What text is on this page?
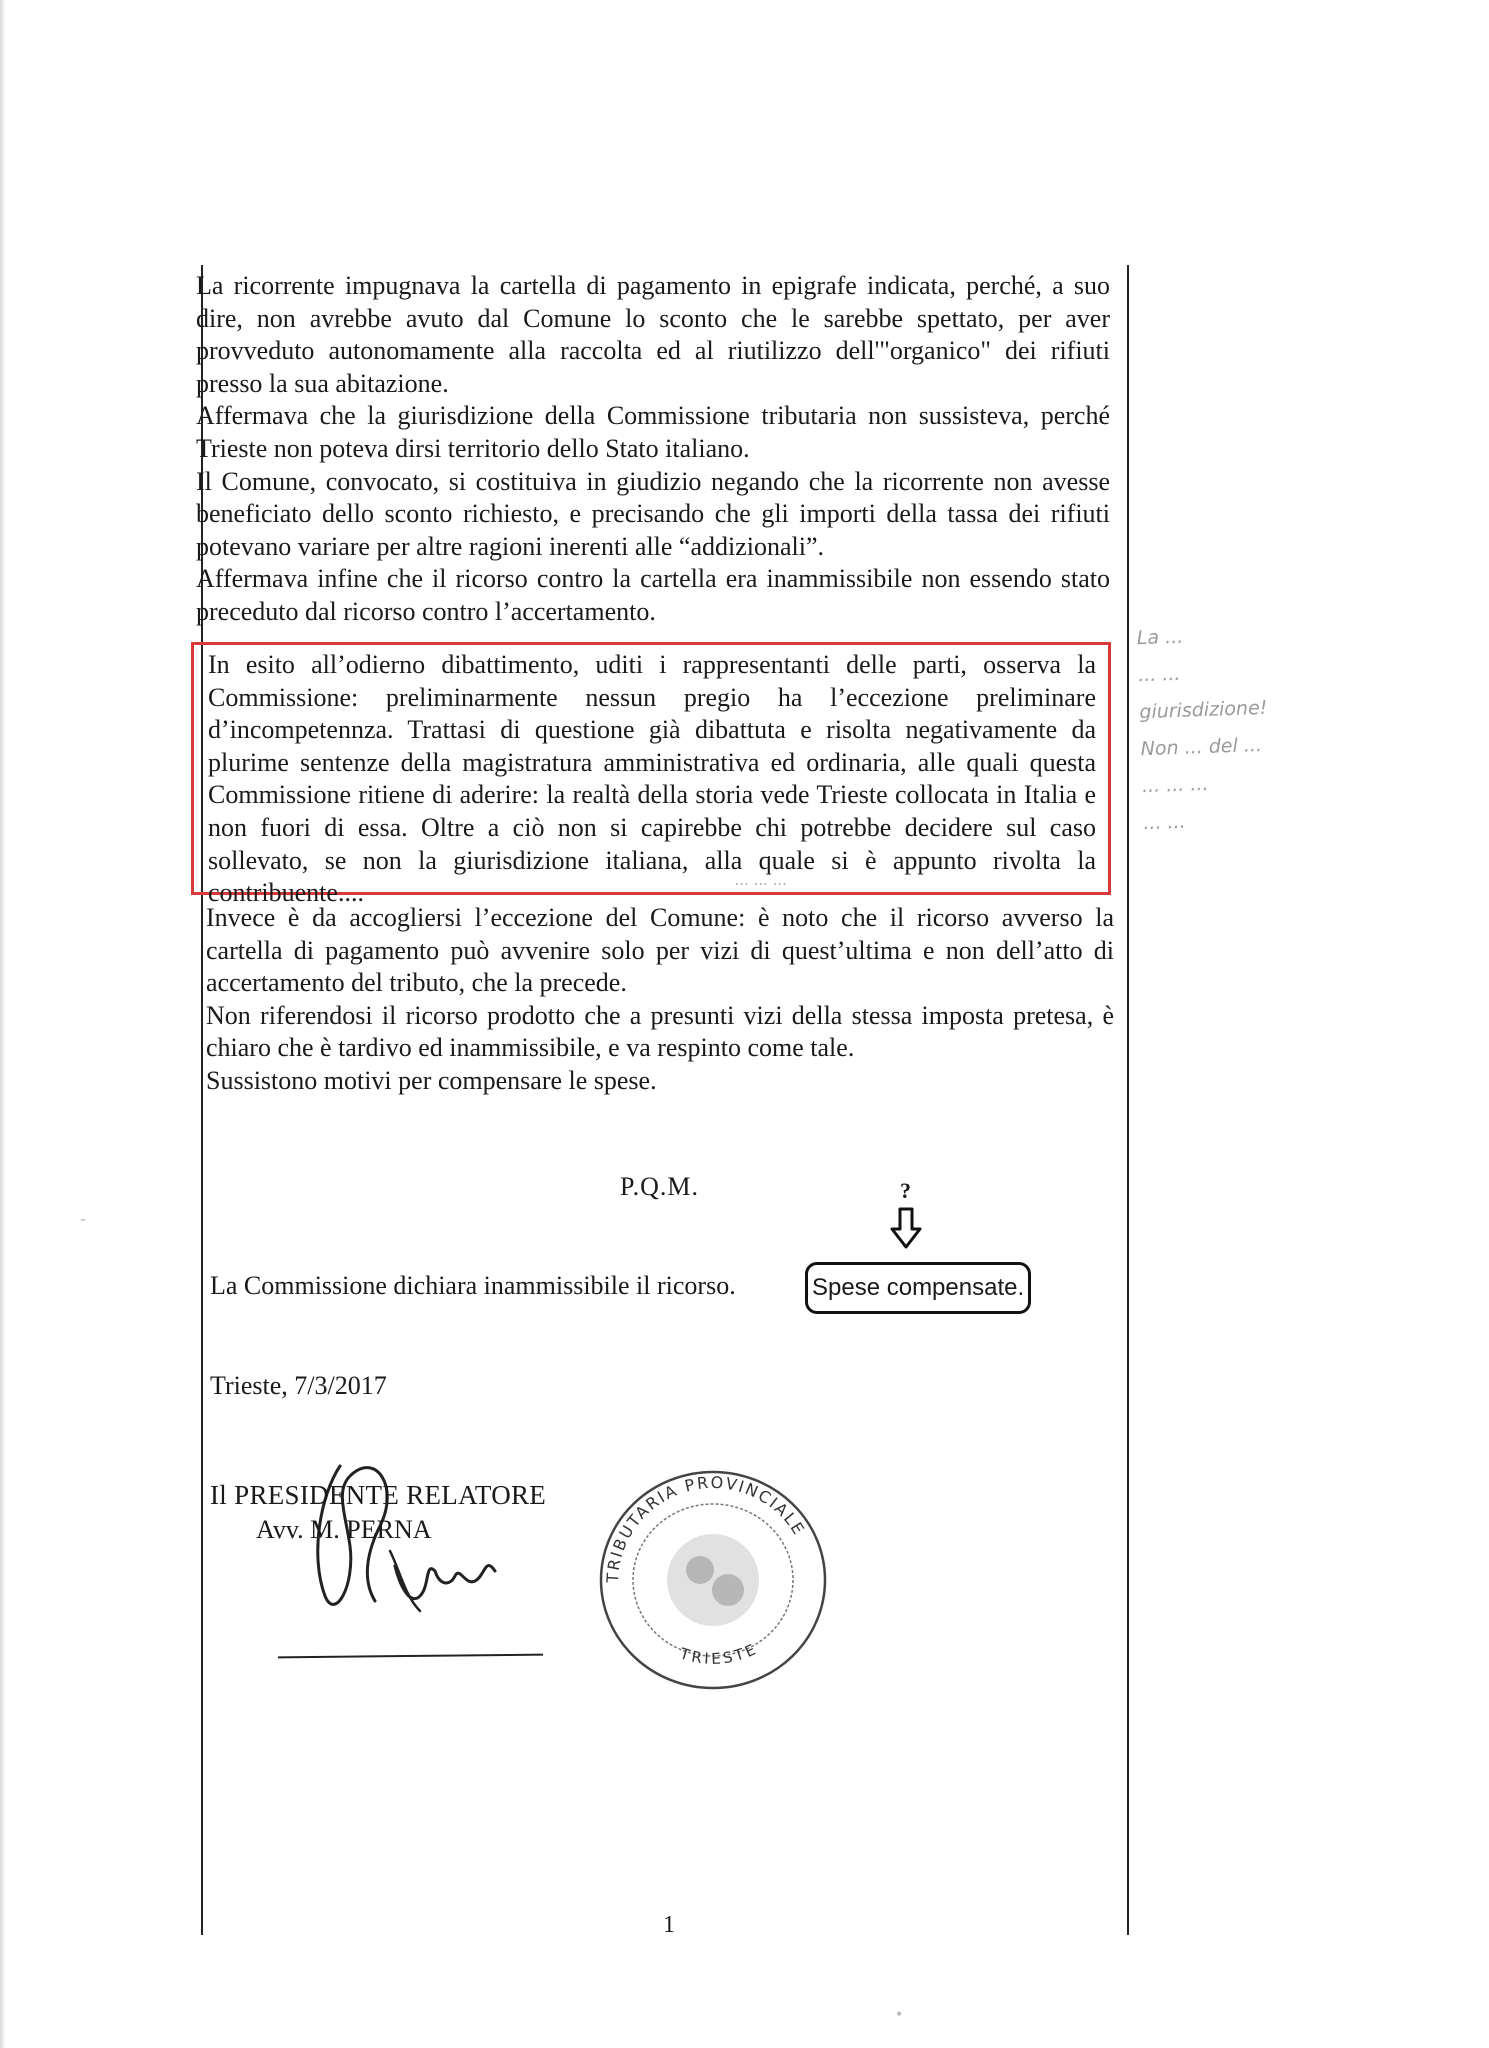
La ricorrente impugnava la cartella di pagamento in epigrafe indicata, perché, a suo dire, non avrebbe avuto dal Comune lo sconto che le sarebbe spettato, per aver provveduto autonomamente alla raccolta ed al riutilizzo dell'"organico" dei rifiuti presso la sua abitazione.

Affermava che la giurisdizione della Commissione tributaria non sussisteva, perché Trieste non poteva dirsi territorio dello Stato italiano.

Il Comune, convocato, si costituiva in giudizio negando che la ricorrente non avesse beneficiato dello sconto richiesto, e precisando che gli importi della tassa dei rifiuti potevano variare per altre ragioni inerenti alle “addizionali”.

Affermava infine che il ricorso contro la cartella era inammissibile non essendo stato preceduto dal ricorso contro l’accertamento.

In esito all’odierno dibattimento, uditi i rappresentanti delle parti, osserva la Commissione: preliminarmente nessun pregio ha l’eccezione preliminare d’incompetennza. Trattasi di questione già dibattuta e risolta negativamente da plurime sentenze della magistratura amministrativa ed ordinaria, alle quali questa Commissione ritiene di aderire: la realtà della storia vede Trieste collocata in Italia e non fuori di essa. Oltre a ciò non si capirebbe chi potrebbe decidere sul caso sollevato, se non la giurisdizione italiana, alla quale si è appunto rivolta la contribuente....	... ... ...

Invece è da accogliersi l’eccezione del Comune: è noto che il ricorso avverso la cartella di pagamento può avvenire solo per vizi di quest’ultima e non dell’atto di accertamento del tributo, che la precede.

Non riferendosi il ricorso prodotto che a presunti vizi della stessa imposta pretesa, è chiaro che è tardivo ed inammissibile, e va respinto come tale.

Sussistono motivi per compensare le spese.

La ...
... ...
giurisdizione!
Non ... del ...
... ... ...
... ...
P.Q.M.	?
La Commissione dichiara inammissibile il ricorso.	Spese compensate.
Trieste, 7/3/2017
Il PRESIDENTE RELATORE
Avv. M. PERNA
TRIBUTARIA PROVINCIALE
TRIESTE
1
-
•
